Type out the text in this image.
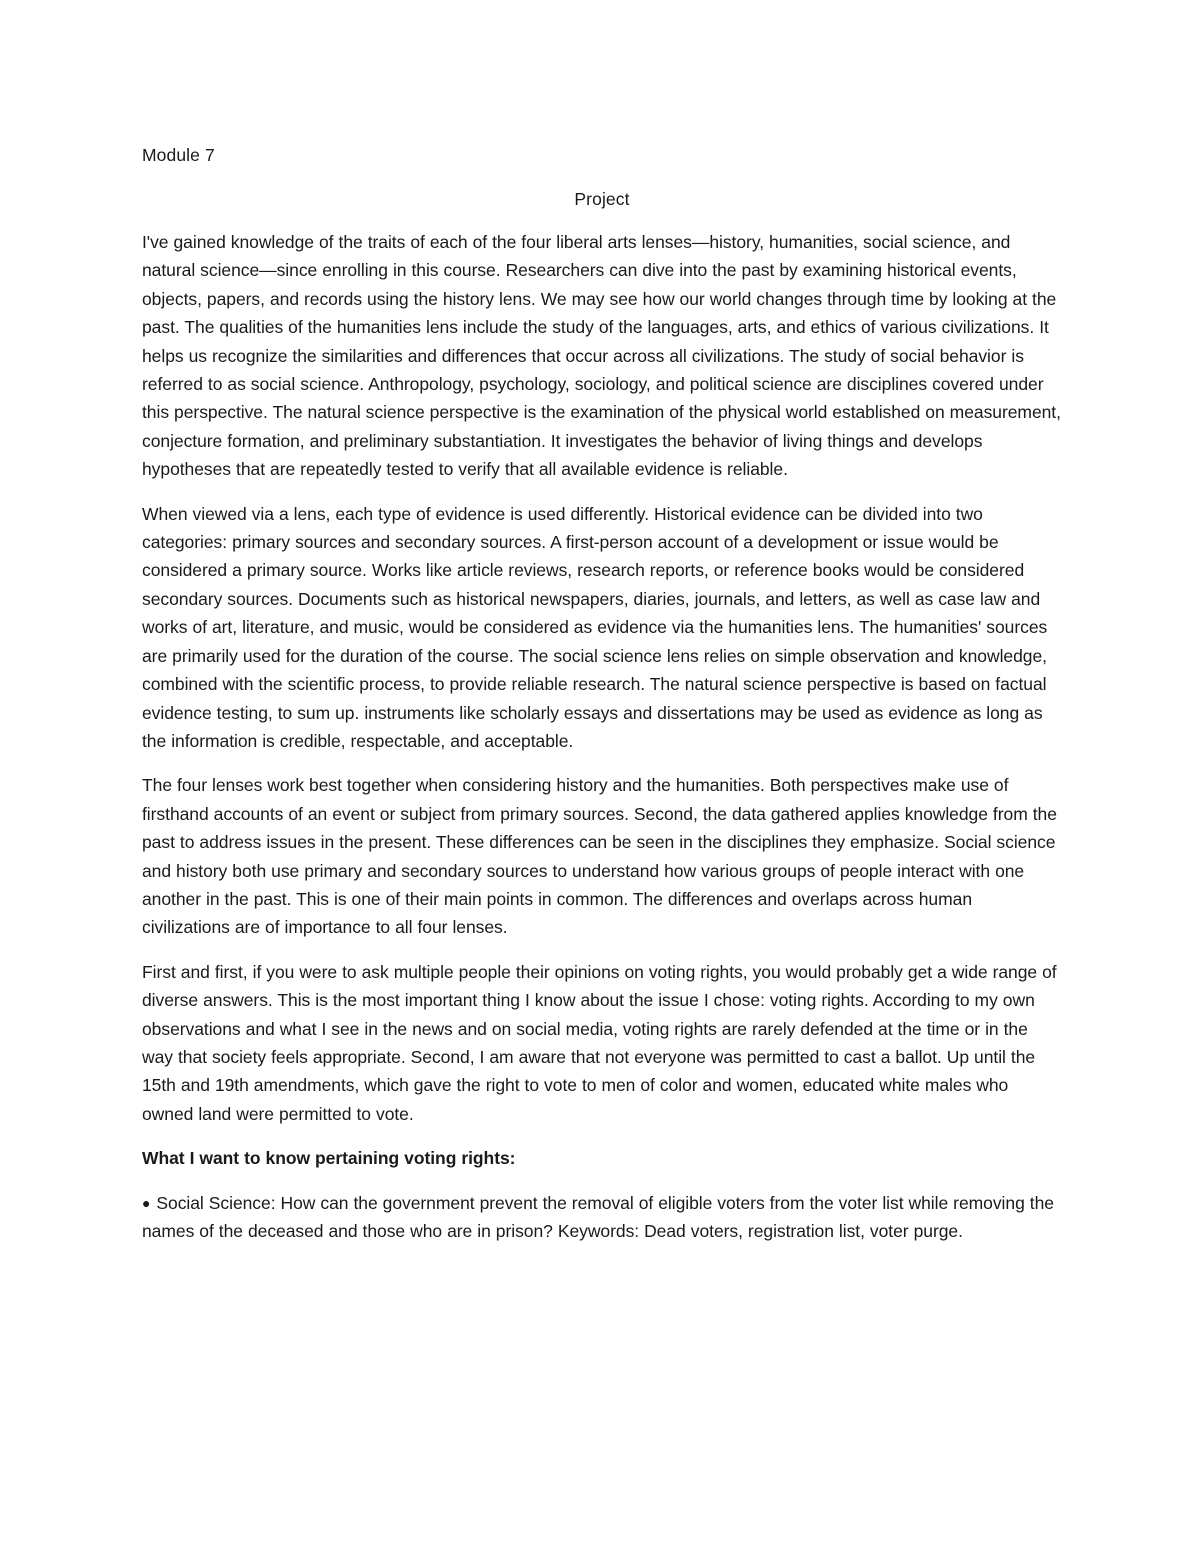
Module 7
Project

I've gained knowledge of the traits of each of the four liberal arts lenses—history, humanities, social science, and natural science—since enrolling in this course. Researchers can dive into the past by examining historical events, objects, papers, and records using the history lens. We may see how our world changes through time by looking at the past. The qualities of the humanities lens include the study of the languages, arts, and ethics of various civilizations. It helps us recognize the similarities and differences that occur across all civilizations. The study of social behavior is referred to as social science. Anthropology, psychology, sociology, and political science are disciplines covered under this perspective. The natural science perspective is the examination of the physical world established on measurement, conjecture formation, and preliminary substantiation. It investigates the behavior of living things and develops hypotheses that are repeatedly tested to verify that all available evidence is reliable.

When viewed via a lens, each type of evidence is used differently. Historical evidence can be divided into two categories: primary sources and secondary sources. A first-person account of a development or issue would be considered a primary source. Works like article reviews, research reports, or reference books would be considered secondary sources. Documents such as historical newspapers, diaries, journals, and letters, as well as case law and works of art, literature, and music, would be considered as evidence via the humanities lens. The humanities' sources are primarily used for the duration of the course. The social science lens relies on simple observation and knowledge, combined with the scientific process, to provide reliable research. The natural science perspective is based on factual evidence testing, to sum up. instruments like scholarly essays and dissertations may be used as evidence as long as the information is credible, respectable, and acceptable.

The four lenses work best together when considering history and the humanities. Both perspectives make use of firsthand accounts of an event or subject from primary sources. Second, the data gathered applies knowledge from the past to address issues in the present. These differences can be seen in the disciplines they emphasize. Social science and history both use primary and secondary sources to understand how various groups of people interact with one another in the past. This is one of their main points in common. The differences and overlaps across human civilizations are of importance to all four lenses.

First and first, if you were to ask multiple people their opinions on voting rights, you would probably get a wide range of diverse answers. This is the most important thing I know about the issue I chose: voting rights. According to my own observations and what I see in the news and on social media, voting rights are rarely defended at the time or in the way that society feels appropriate. Second, I am aware that not everyone was permitted to cast a ballot. Up until the 15th and 19th amendments, which gave the right to vote to men of color and women, educated white males who owned land were permitted to vote.

What I want to know pertaining voting rights:

● Social Science: How can the government prevent the removal of eligible voters from the voter list while removing the names of the deceased and those who are in prison? Keywords: Dead voters, registration list, voter purge.
